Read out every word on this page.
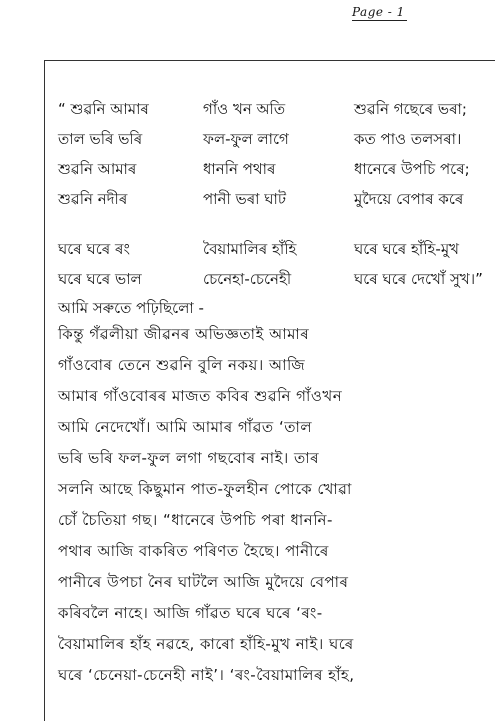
Page - 1
“ শুৱনি আমাৰ	গাঁও খন অতি	শুৱনি গছেৰে ভৰা;
তাল ভৰি ভৰি	ফল-ফুল লাগে	কত পাও তলসৰা।
শুৱনি আমাৰ	ধাননি পথাৰ	ধানেৰে উপচি পৰে;
শুৱনি নদীৰ	পানী ভৰা ঘাট	মুদৈয়ে বেপাৰ কৰে
ঘৰে ঘৰে ৰং	বৈয়ামালিৰ হাঁহি	ঘৰে ঘৰে হাঁহি-মুখ
ঘৰে ঘৰে ভাল	চেনেহা-চেনেহী	ঘৰে ঘৰে দেখোঁ সুখ।”
আমি সৰুতে পঢ়িছিলো -

কিন্তু গঁৱলীয়া জীৱনৰ অভিজ্ঞতাই আমাৰ
গাঁওবোৰ তেনে শুৱনি বুলি নকয়। আজি
আমাৰ গাঁওবোৰৰ মাজত কবিৰ শুৱনি গাঁওখন
আমি নেদেখোঁ। আমি আমাৰ গাঁৱত ‘তাল
ভৰি ভৰি ফল-ফুল লগা গছবোৰ নাই। তাৰ
সলনি আছে কিছুমান পাত-ফুলহীন পোকে খোৱা
চোঁ চৈতিয়া গছ। “ধানেৰে উপচি পৰা ধাননি-
পথাৰ আজি বাকৰিত পৰিণত হৈছে। পানীৰে
পানীৰে উপচা নৈৰ ঘাটলৈ আজি মুদৈয়ে বেপাৰ
কৰিবলৈ নাহে। আজি গাঁৱত ঘৰে ঘৰে ‘ৰং-
বৈয়ামালিৰ হাঁহ নৱহে, কাৰো হাঁহি-মুখ নাই। ঘৰে
ঘৰে ‘চেনেয়া-চেনেহী নাই’। ‘ৰং-বৈয়ামালিৰ হাঁহ,
